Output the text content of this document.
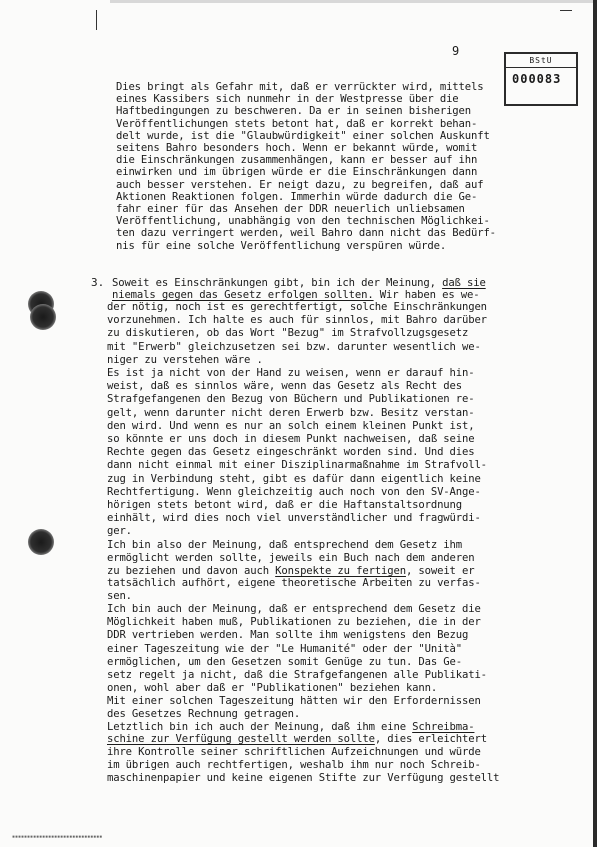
9
BStU
000083
Dies bringt als Gefahr mit, daß er verrückter wird, mittels
eines Kassibers sich nunmehr in der Westpresse über die
Haftbedingungen zu beschweren. Da er in seinen bisherigen
Veröffentlichungen stets betont hat, daß er korrekt behan-
delt wurde, ist die "Glaubwürdigkeit" einer solchen Auskunft
seitens Bahro besonders hoch. Wenn er bekannt würde, womit
die Einschränkungen zusammenhängen, kann er besser auf ihn
einwirken und im übrigen würde er die Einschränkungen dann
auch besser verstehen. Er neigt dazu, zu begreifen, daß auf
Aktionen Reaktionen folgen. Immerhin würde dadurch die Ge-
fahr einer für das Ansehen der DDR neuerlich unliebsamen
Veröffentlichung, unabhängig von den technischen Möglichkei-
ten dazu verringert werden, weil Bahro dann nicht das Bedürf-
nis für eine solche Veröffentlichung verspüren würde.
3. Soweit es Einschränkungen gibt, bin ich der Meinung, daß sie
niemals gegen das Gesetz erfolgen sollten. Wir haben es we-
der nötig, noch ist es gerechtfertigt, solche Einschränkungen
vorzunehmen. Ich halte es auch für sinnlos, mit Bahro darüber
zu diskutieren, ob das Wort "Bezug" im Strafvollzugsgesetz
mit "Erwerb" gleichzusetzen sei bzw. darunter wesentlich we-
niger zu verstehen wäre .
Es ist ja nicht von der Hand zu weisen, wenn er darauf hin-
weist, daß es sinnlos wäre, wenn das Gesetz als Recht des
Strafgefangenen den Bezug von Büchern und Publikationen re-
gelt, wenn darunter nicht deren Erwerb bzw. Besitz verstan-
den wird. Und wenn es nur an solch einem kleinen Punkt ist,
so könnte er uns doch in diesem Punkt nachweisen, daß seine
Rechte gegen das Gesetz eingeschränkt worden sind. Und dies
dann nicht einmal mit einer Disziplinarmaßnahme im Strafvoll-
zug in Verbindung steht, gibt es dafür dann eigentlich keine
Rechtfertigung. Wenn gleichzeitig auch noch von den SV-Ange-
hörigen stets betont wird, daß er die Haftanstaltsordnung
einhält, wird dies noch viel unverständlicher und fragwürdi-
ger.
Ich bin also der Meinung, daß entsprechend dem Gesetz ihm
ermöglicht werden sollte, jeweils ein Buch nach dem anderen
zu beziehen und davon auch Konspekte zu fertigen, soweit er
tatsächlich aufhört, eigene theoretische Arbeiten zu verfas-
sen.
Ich bin auch der Meinung, daß er entsprechend dem Gesetz die
Möglichkeit haben muß, Publikationen zu beziehen, die in der
DDR vertrieben werden. Man sollte ihm wenigstens den Bezug
einer Tageszeitung wie der "Le Humanité" oder der "Unità"
ermöglichen, um den Gesetzen somit Genüge zu tun. Das Ge-
setz regelt ja nicht, daß die Strafgefangenen alle Publikati-
onen, wohl aber daß er "Publikationen" beziehen kann.
Mit einer solchen Tageszeitung hätten wir den Erfordernissen
des Gesetzes Rechnung getragen.
Letztlich bin ich auch der Meinung, daß ihm eine Schreibma-
schine zur Verfügung gestellt werden sollte, dies erleichtert
ihre Kontrolle seiner schriftlichen Aufzeichnungen und würde
im übrigen auch rechtfertigen, weshalb ihm nur noch Schreib-
maschinenpapier und keine eigenen Stifte zur Verfügung gestellt
▪▪▪▪▪▪▪▪▪▪▪▪▪▪▪▪▪▪▪▪▪▪▪▪▪▪▪▪▪▪
